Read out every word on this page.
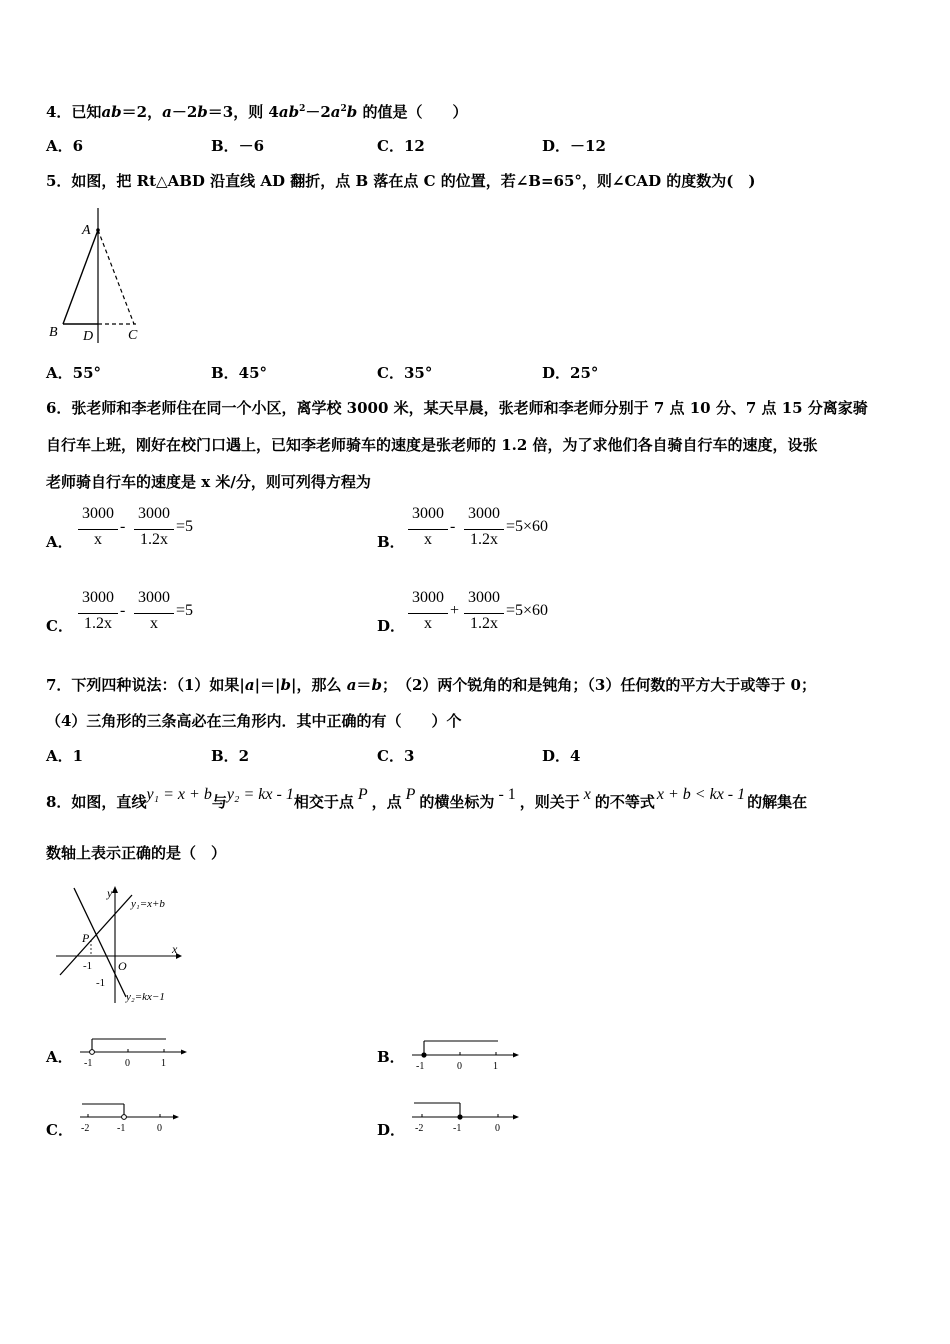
4．已知ab＝2，a－2b＝3，则 $4ab^2-2a^2b$ 的值是（　　）
A．6	B．－6	C．12	D．－12
5．如图，把 Rt△ABD 沿直线 AD 翻折，点 B 落在点 C 的位置，若∠B=65°，则∠CAD 的度数为(　)
A
B D C
A．55°	B．45°	C．35°	D．25°
6．张老师和李老师住在同一个小区，离学校 3000 米，某天早晨，张老师和李老师分别于 7 点 10 分、7 点 15 分离家骑
自行车上班，刚好在校门口遇上，已知李老师骑车的速度是张老师的 1.2 倍，为了求他们各自骑自行车的速度，设张
老师骑自行车的速度是 x 米/分，则可列得方程为
A．
3000
x
-
3000
1.2x
=5
B．
3000
x
-
3000
1.2x
=5×60
C．
3000
1.2x
-
3000
x
=5
D．
3000
x
+
3000
1.2x
=5×60
7．下列四种说法：（1）如果|a|＝|b|，那么 a＝b；　（2）两个锐角的和是钝角；（3）任何数的平方大于或等于 0；
（4）三角形的三条高必在三角形内．其中正确的有（　　）个
A．1	B．2	C．3	D．4
8．如图，直线y₁ = x + b与y₂ = kx - 1相交于点 P ，点 P 的横坐标为 - 1 ，则关于 x 的不等式 x + b < kx - 1 的解集在
数轴上表示正确的是（　）
y
x
O
P
-1
-1
y₁=x+b
y₂=kx−1
A． -1	0	1	B．
-1	0	1
C． -2	-1	0	D． -2	-1	0
